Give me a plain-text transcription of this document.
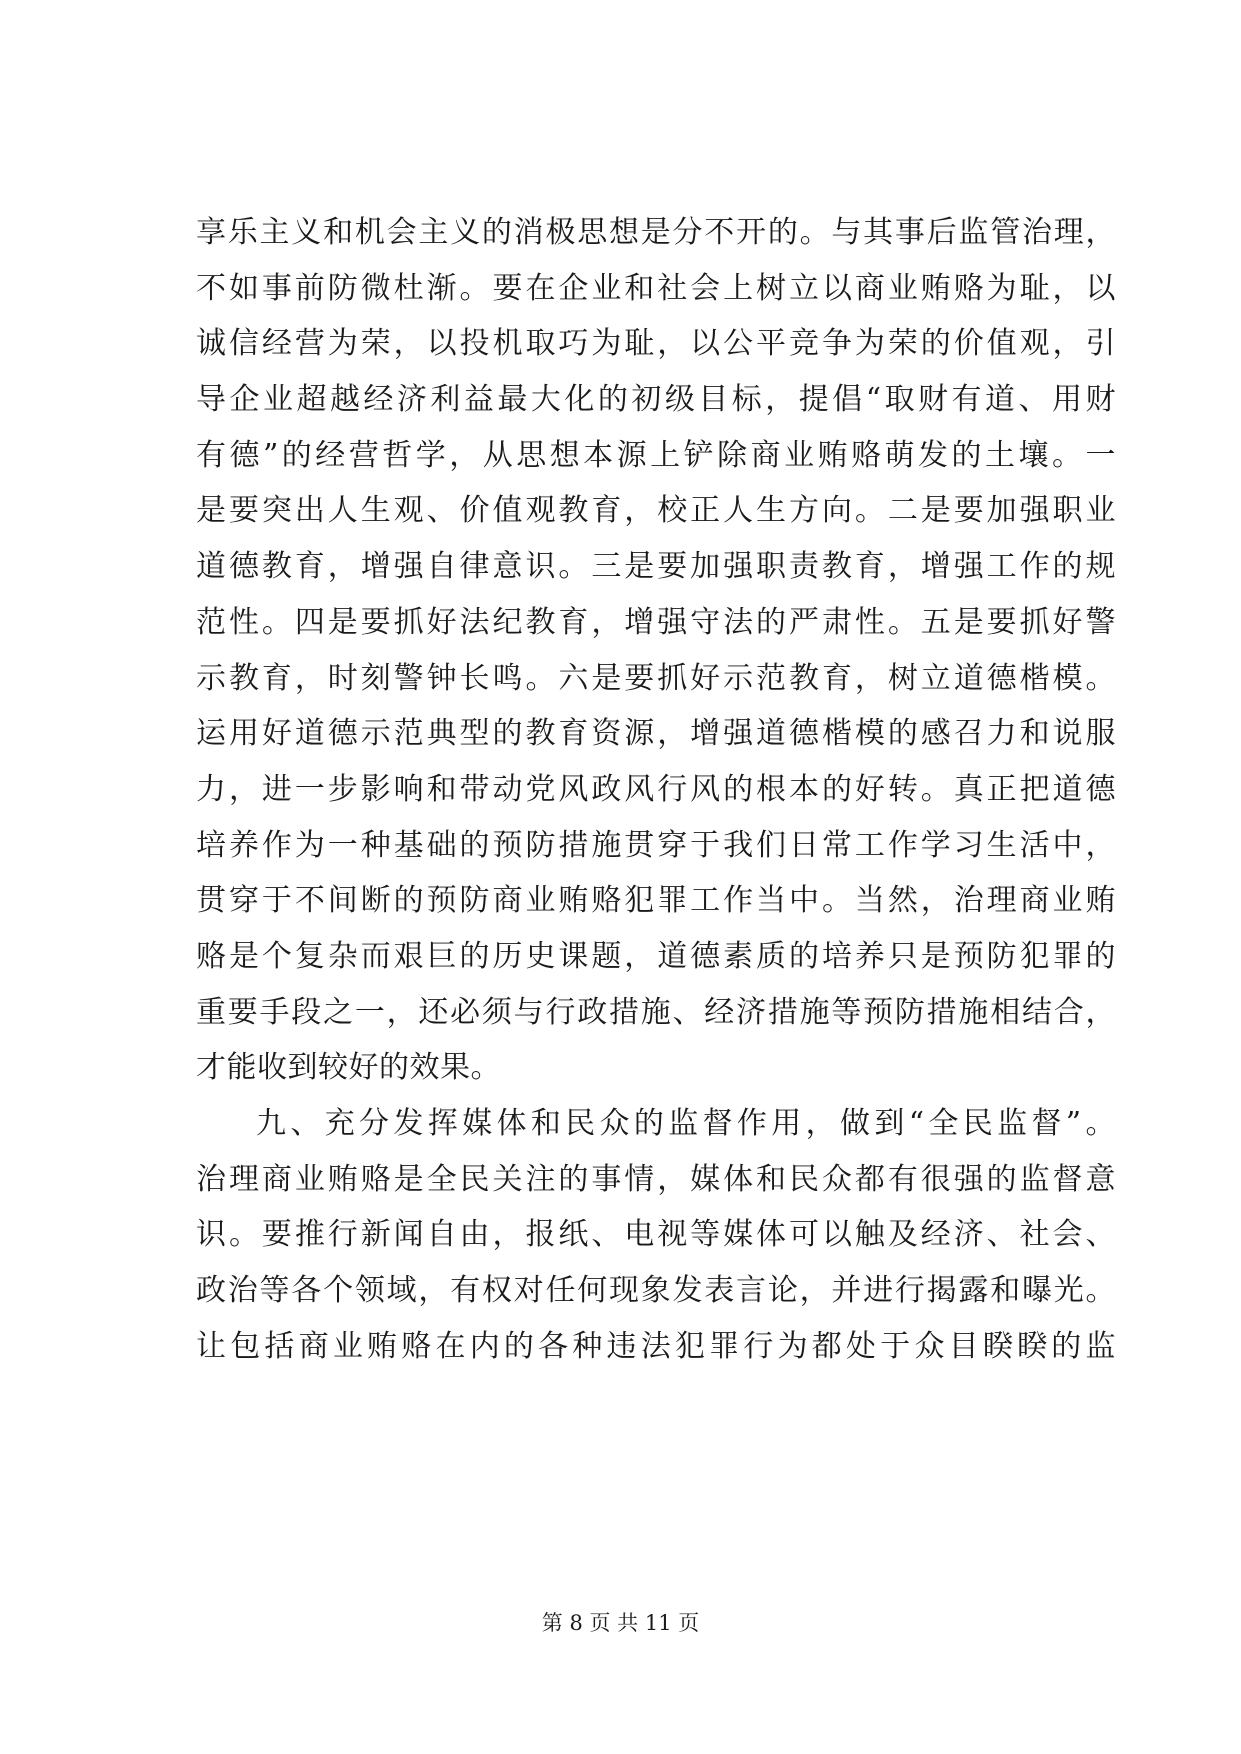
享乐主义和机会主义的消极思想是分不开的。与其事后监管治理，
不如事前防微杜渐。要在企业和社会上树立以商业贿赂为耻，以
诚信经营为荣，以投机取巧为耻，以公平竞争为荣的价值观，引
导企业超越经济利益最大化的初级目标，提倡“取财有道、用财
有德”的经营哲学，从思想本源上铲除商业贿赂萌发的土壤。一
是要突出人生观、价值观教育，校正人生方向。二是要加强职业
道德教育，增强自律意识。三是要加强职责教育，增强工作的规
范性。四是要抓好法纪教育，增强守法的严肃性。五是要抓好警
示教育，时刻警钟长鸣。六是要抓好示范教育，树立道德楷模。
运用好道德示范典型的教育资源，增强道德楷模的感召力和说服
力，进一步影响和带动党风政风行风的根本的好转。真正把道德
培养作为一种基础的预防措施贯穿于我们日常工作学习生活中，
贯穿于不间断的预防商业贿赂犯罪工作当中。当然，治理商业贿
赂是个复杂而艰巨的历史课题，道德素质的培养只是预防犯罪的
重要手段之一，还必须与行政措施、经济措施等预防措施相结合，
才能收到较好的效果。
九、充分发挥媒体和民众的监督作用，做到“全民监督”。
治理商业贿赂是全民关注的事情，媒体和民众都有很强的监督意
识。要推行新闻自由，报纸、电视等媒体可以触及经济、社会、
政治等各个领域，有权对任何现象发表言论，并进行揭露和曝光。
让包括商业贿赂在内的各种违法犯罪行为都处于众目睽睽的监
第 8 页 共 11 页
